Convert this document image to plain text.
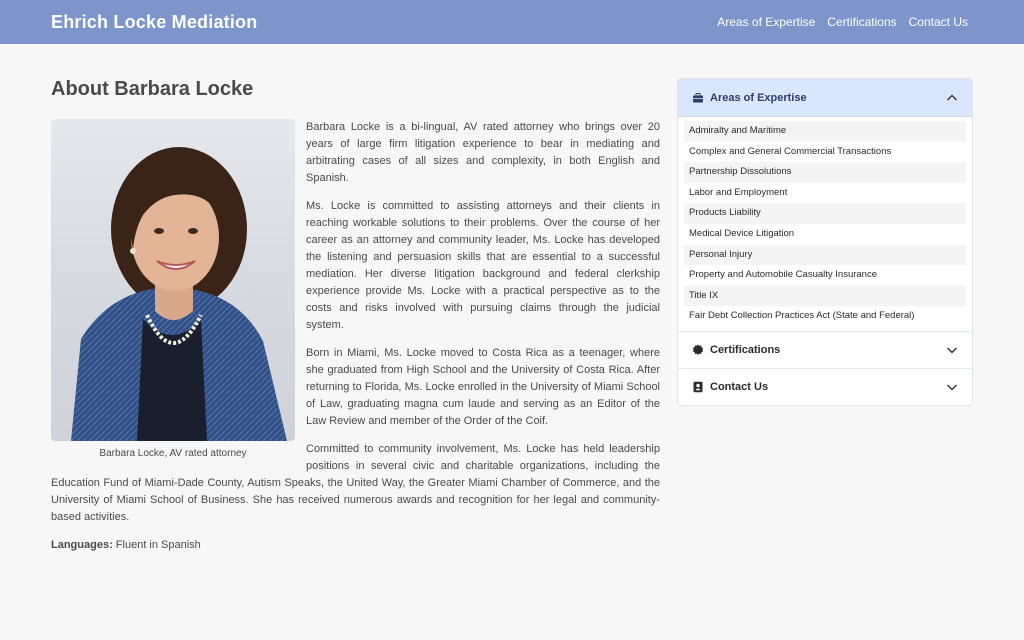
Ehrich Locke Mediation	Areas of Expertise Certifications Contact Us
About Barbara Locke
Barbara Locke, AV rated attorney

Barbara Locke is a bi-lingual, AV rated attorney who brings over 20 years of large firm litigation experience to bear in mediating and arbitrating cases of all sizes and complexity, in both English and Spanish.

Ms. Locke is committed to assisting attorneys and their clients in reaching workable solutions to their problems. Over the course of her career as an attorney and community leader, Ms. Locke has developed the listening and persuasion skills that are essential to a successful mediation. Her diverse litigation background and federal clerkship experience provide Ms. Locke with a practical perspective as to the costs and risks involved with pursuing claims through the judicial system.

Born in Miami, Ms. Locke moved to Costa Rica as a teenager, where she graduated from High School and the University of Costa Rica. After returning to Florida, Ms. Locke enrolled in the University of Miami School of Law, graduating magna cum laude and serving as an Editor of the Law Review and member of the Order of the Coif.

Committed to community involvement, Ms. Locke has held leadership positions in several civic and charitable organizations, including the Education Fund of Miami-Dade County, Autism Speaks, the United Way, the Greater Miami Chamber of Commerce, and the University of Miami School of Business. She has received numerous awards and recognition for her legal and community-based activities.

Languages: Fluent in Spanish
Areas of Expertise
Admiralty and Maritime
Complex and General Commercial Transactions
Partnership Dissolutions
Labor and Employment
Products Liability
Medical Device Litigation
Personal Injury
Property and Automobile Casualty Insurance
Title IX
Fair Debt Collection Practices Act (State and Federal)
Certifications
Contact Us
